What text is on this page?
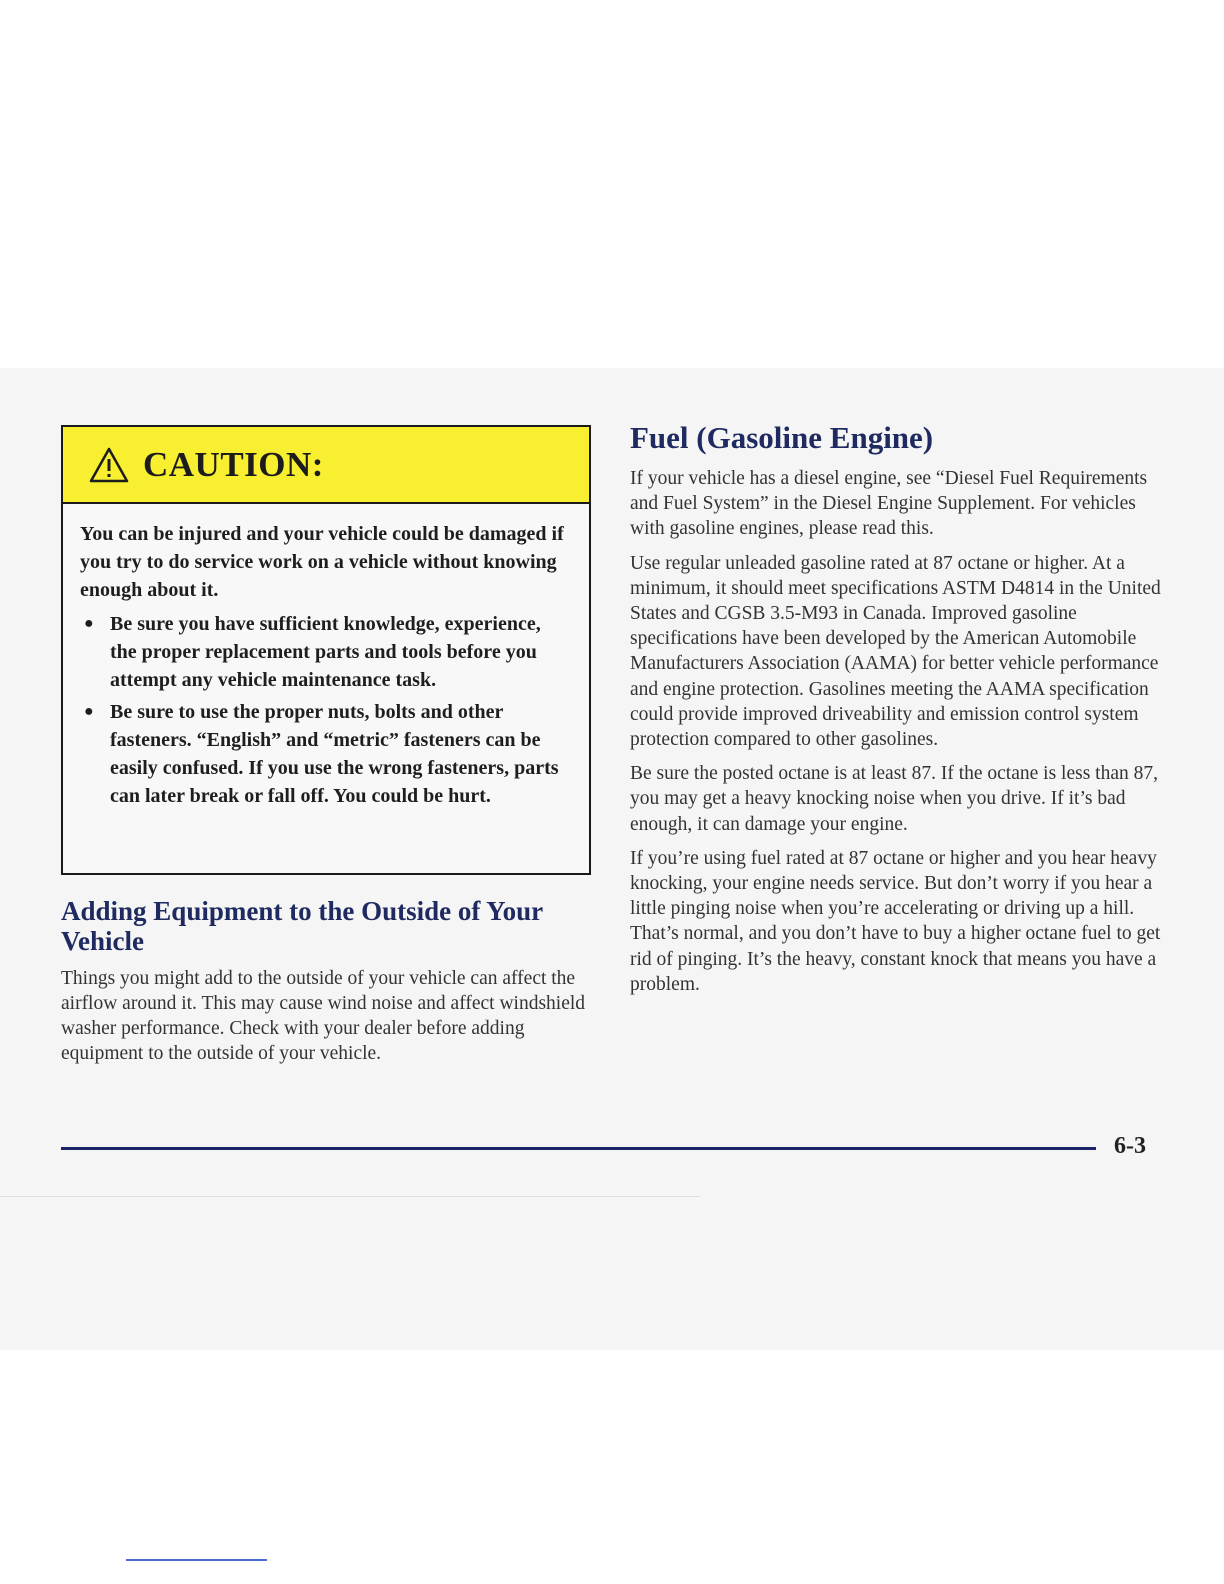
CAUTION:

You can be injured and your vehicle could be damaged if you try to do service work on a vehicle without knowing enough about it.

● Be sure you have sufficient knowledge, experience, the proper replacement parts and tools before you attempt any vehicle maintenance task.
● Be sure to use the proper nuts, bolts and other fasteners. “English” and “metric” fasteners can be easily confused. If you use the wrong fasteners, parts can later break or fall off. You could be hurt.
Adding Equipment to the Outside of Your Vehicle

Things you might add to the outside of your vehicle can affect the airflow around it. This may cause wind noise and affect windshield washer performance. Check with your dealer before adding equipment to the outside of your vehicle.

Fuel (Gasoline Engine)

If your vehicle has a diesel engine, see “Diesel Fuel Requirements and Fuel System” in the Diesel Engine Supplement. For vehicles with gasoline engines, please read this.

Use regular unleaded gasoline rated at 87 octane or higher. At a minimum, it should meet specifications ASTM D4814 in the United States and CGSB 3.5-M93 in Canada. Improved gasoline specifications have been developed by the American Automobile Manufacturers Association (AAMA) for better vehicle performance and engine protection. Gasolines meeting the AAMA specification could provide improved driveability and emission control system protection compared to other gasolines.

Be sure the posted octane is at least 87. If the octane is less than 87, you may get a heavy knocking noise when you drive. If it’s bad enough, it can damage your engine.

If you’re using fuel rated at 87 octane or higher and you hear heavy knocking, your engine needs service. But don’t worry if you hear a little pinging noise when you’re accelerating or driving up a hill. That’s normal, and you don’t have to buy a higher octane fuel to get rid of pinging. It’s the heavy, constant knock that means you have a problem.

6-3
